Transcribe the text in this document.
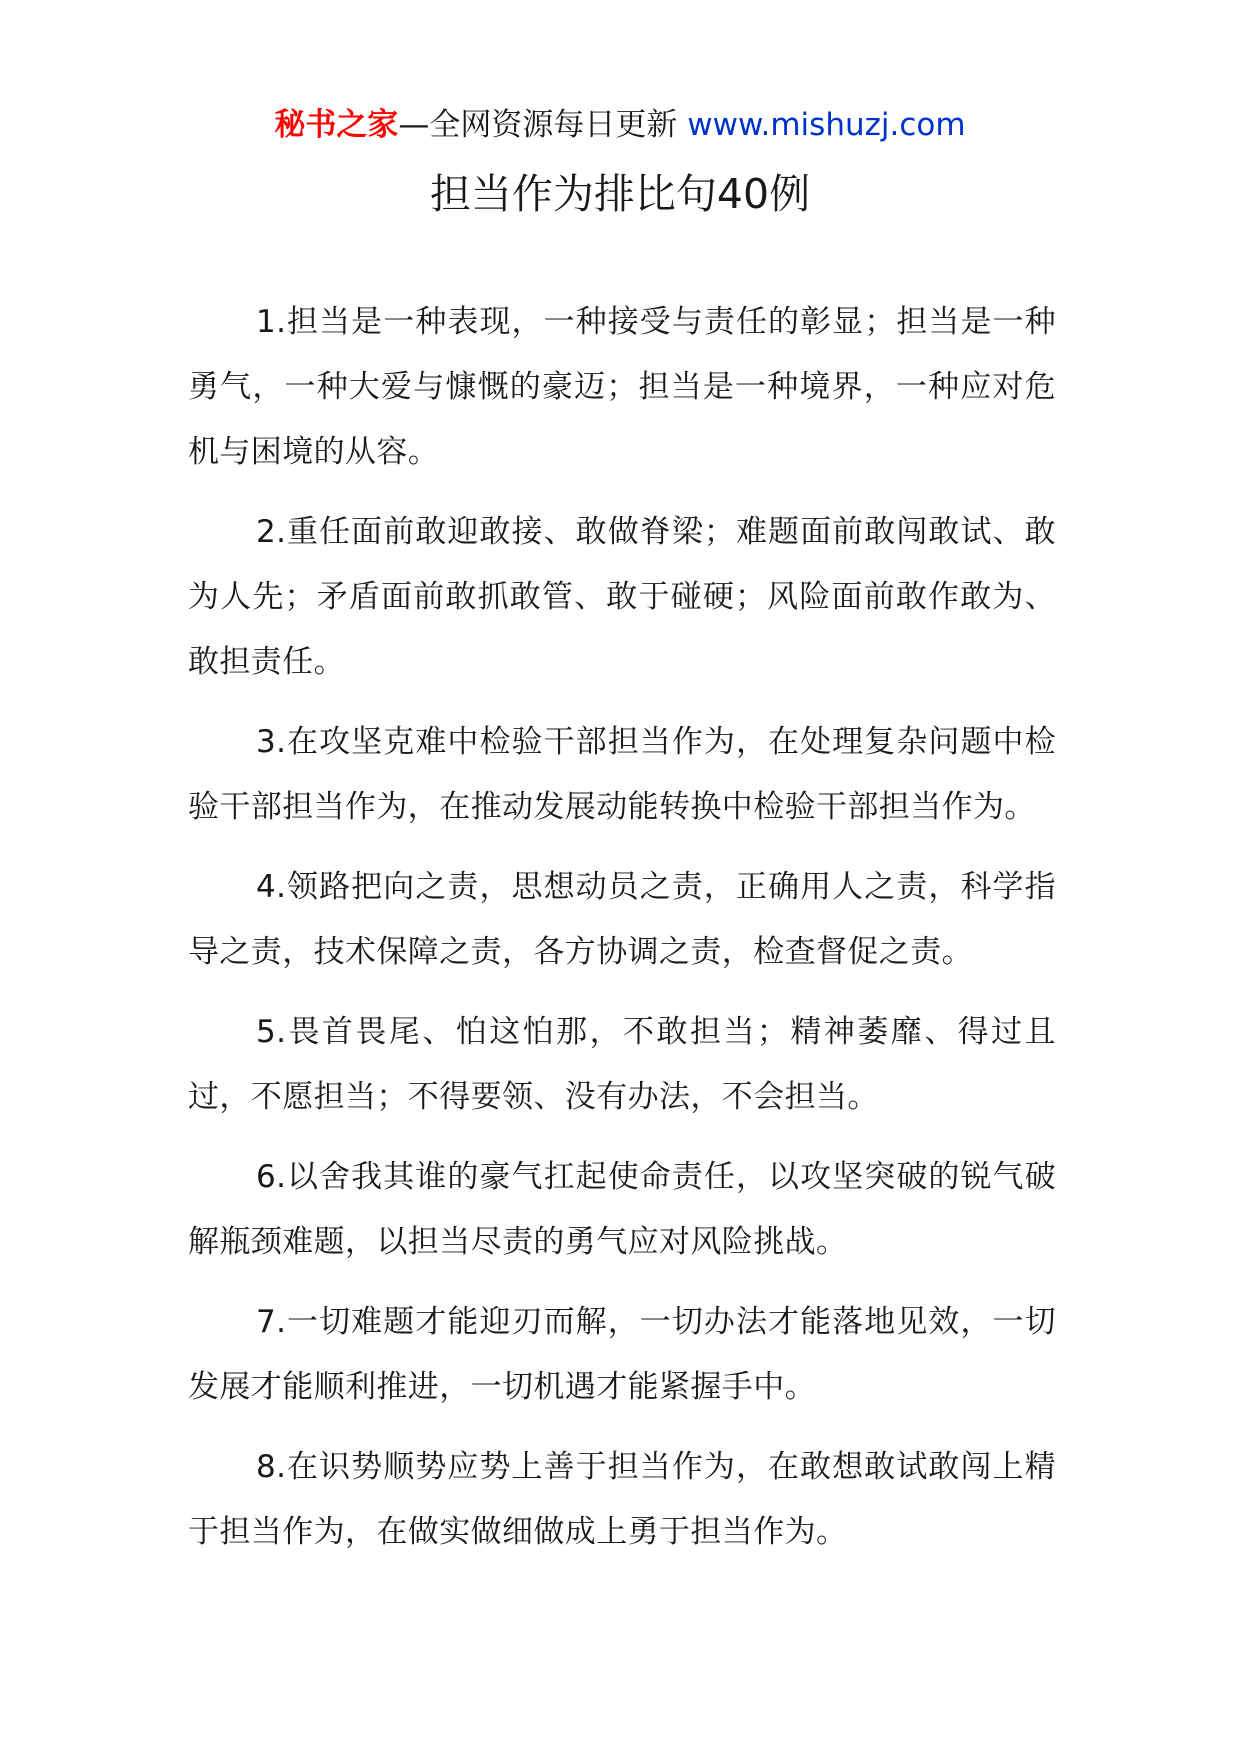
秘书之家—全网资源每日更新 www.mishuzj.com
担当作为排比句40例

1.担当是一种表现，一种接受与责任的彰显；担当是一种勇气，一种大爱与慷慨的豪迈；担当是一种境界，一种应对危机与困境的从容。

2.重任面前敢迎敢接、敢做脊梁；难题面前敢闯敢试、敢为人先；矛盾面前敢抓敢管、敢于碰硬；风险面前敢作敢为、敢担责任。

3.在攻坚克难中检验干部担当作为，在处理复杂问题中检验干部担当作为，在推动发展动能转换中检验干部担当作为。

4.领路把向之责，思想动员之责，正确用人之责，科学指导之责，技术保障之责，各方协调之责，检查督促之责。

5.畏首畏尾、怕这怕那，不敢担当；精神萎靡、得过且过，不愿担当；不得要领、没有办法，不会担当。

6.以舍我其谁的豪气扛起使命责任，以攻坚突破的锐气破解瓶颈难题，以担当尽责的勇气应对风险挑战。

7.一切难题才能迎刃而解，一切办法才能落地见效，一切发展才能顺利推进，一切机遇才能紧握手中。

8.在识势顺势应势上善于担当作为，在敢想敢试敢闯上精于担当作为，在做实做细做成上勇于担当作为。
